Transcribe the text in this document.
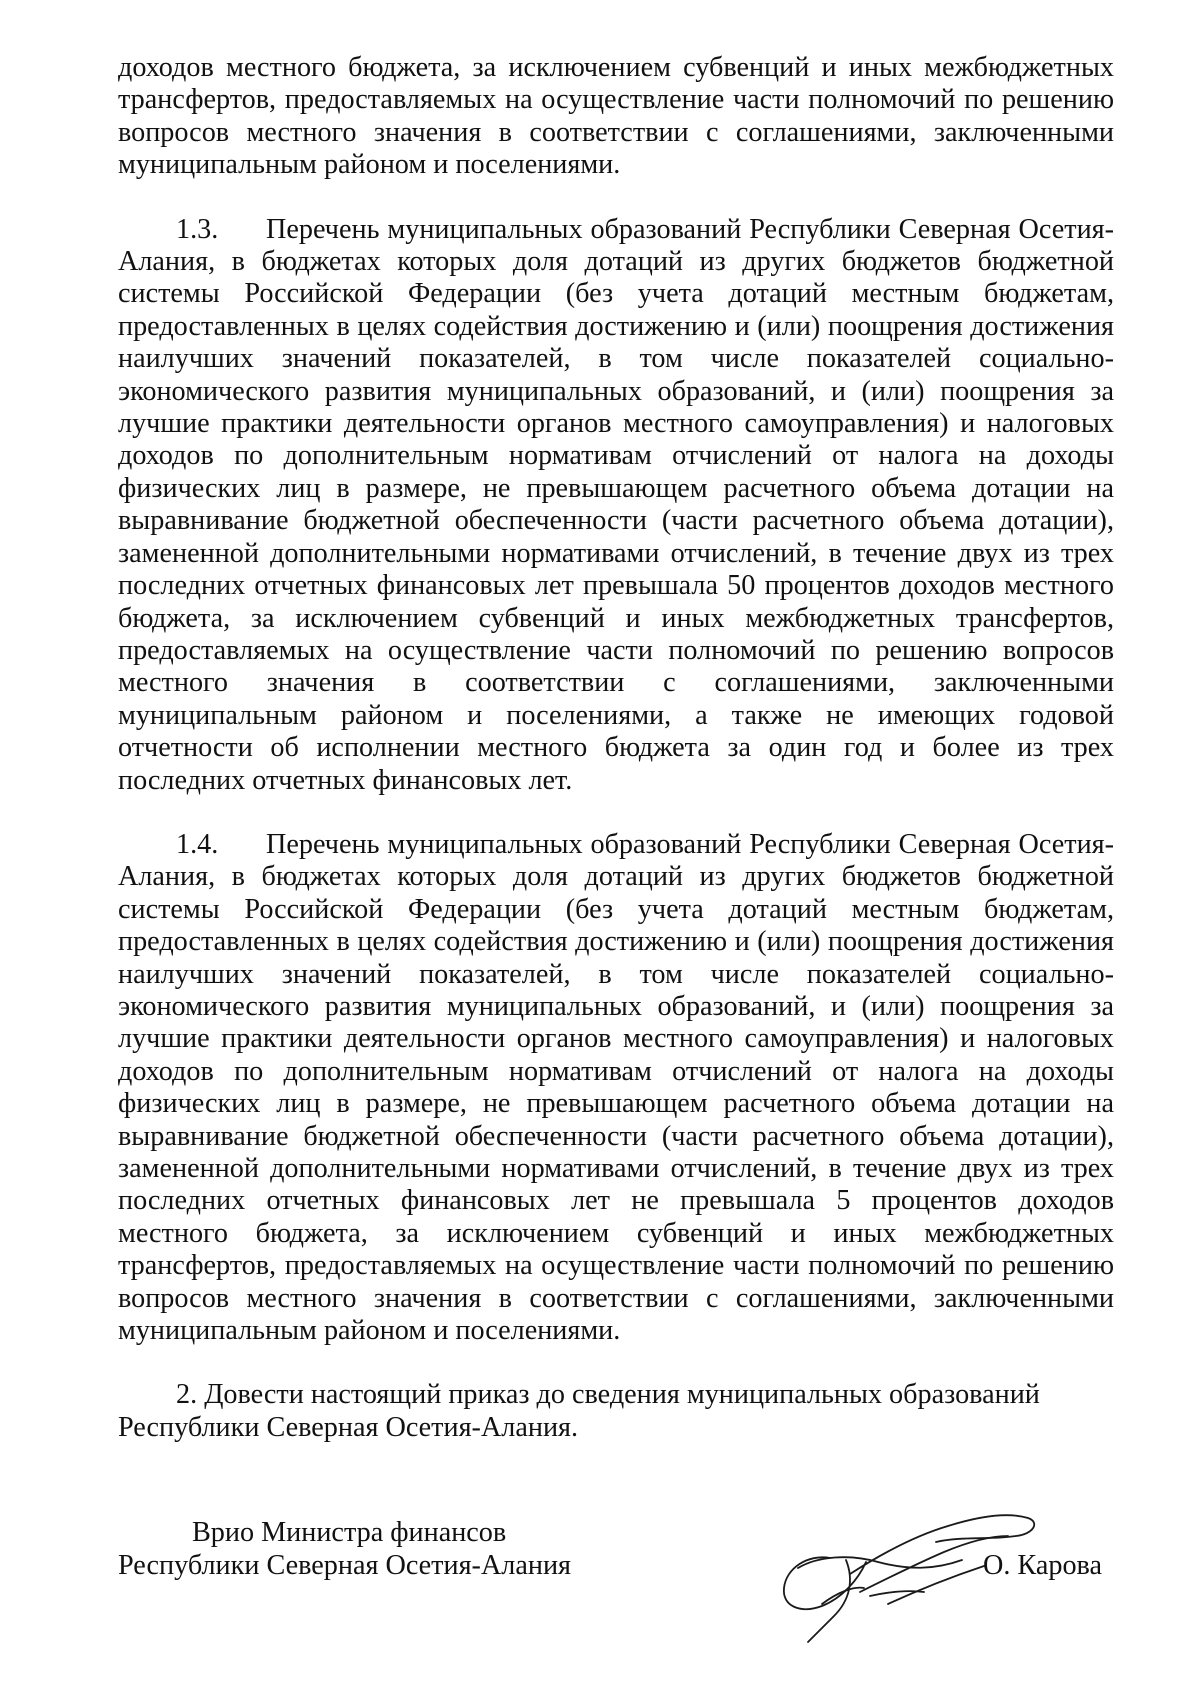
доходов местного бюджета, за исключением субвенций и иных межбюджетных трансфертов, предоставляемых на осуществление части полномочий по решению вопросов местного значения в соответствии с соглашениями, заключенными муниципальным районом и поселениями.

1.3. Перечень муниципальных образований Республики Северная Осетия-Алания, в бюджетах которых доля дотаций из других бюджетов бюджетной системы Российской Федерации (без учета дотаций местным бюджетам, предоставленных в целях содействия достижению и (или) поощрения достижения наилучших значений показателей, в том числе показателей социально-экономического развития муниципальных образований, и (или) поощрения за лучшие практики деятельности органов местного самоуправления) и налоговых доходов по дополнительным нормативам отчислений от налога на доходы физических лиц в размере, не превышающем расчетного объема дотации на выравнивание бюджетной обеспеченности (части расчетного объема дотации), замененной дополнительными нормативами отчислений, в течение двух из трех последних отчетных финансовых лет превышала 50 процентов доходов местного бюджета, за исключением субвенций и иных межбюджетных трансфертов, предоставляемых на осуществление части полномочий по решению вопросов местного значения в соответствии с соглашениями, заключенными муниципальным районом и поселениями, а также не имеющих годовой отчетности об исполнении местного бюджета за один год и более из трех последних отчетных финансовых лет.

1.4. Перечень муниципальных образований Республики Северная Осетия-Алания, в бюджетах которых доля дотаций из других бюджетов бюджетной системы Российской Федерации (без учета дотаций местным бюджетам, предоставленных в целях содействия достижению и (или) поощрения достижения наилучших значений показателей, в том числе показателей социально-экономического развития муниципальных образований, и (или) поощрения за лучшие практики деятельности органов местного самоуправления) и налоговых доходов по дополнительным нормативам отчислений от налога на доходы физических лиц в размере, не превышающем расчетного объема дотации на выравнивание бюджетной обеспеченности (части расчетного объема дотации), замененной дополнительными нормативами отчислений, в течение двух из трех последних отчетных финансовых лет не превышала 5 процентов доходов местного бюджета, за исключением субвенций и иных межбюджетных трансфертов, предоставляемых на осуществление части полномочий по решению вопросов местного значения в соответствии с соглашениями, заключенными муниципальным районом и поселениями.

2. Довести настоящий приказ до сведения муниципальных образований Республики Северная Осетия-Алания.

Врио Министра финансов
Республики Северная Осетия-Алания	О. Карова
